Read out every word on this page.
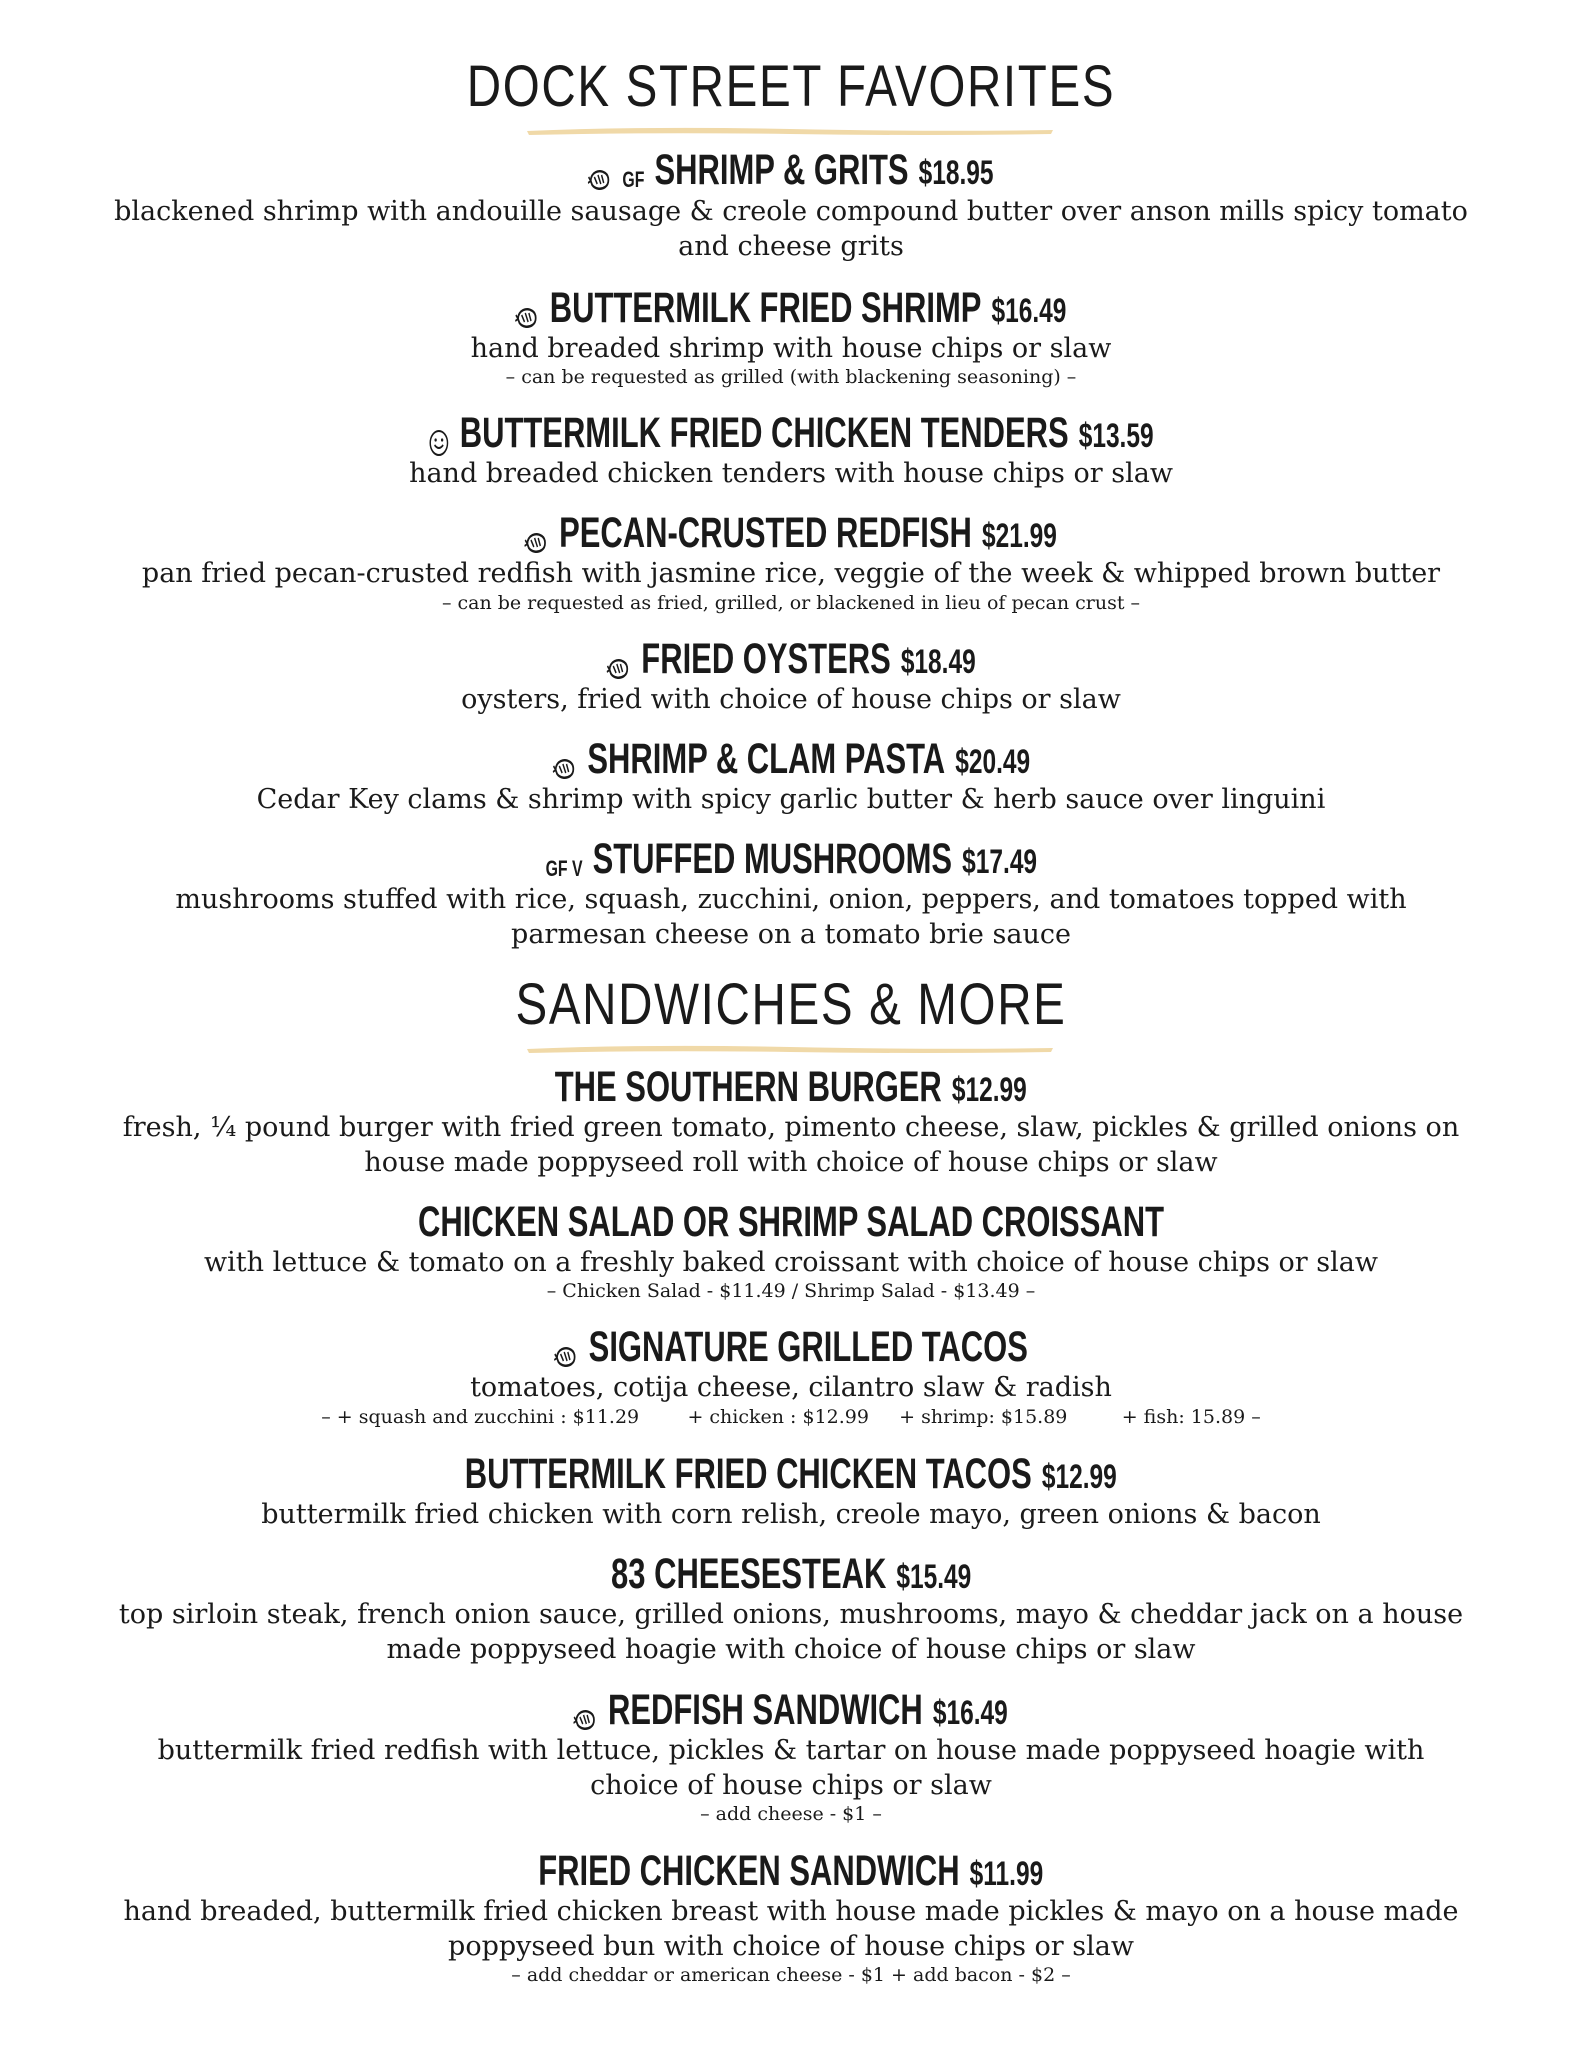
DOCK STREET FAVORITES
GF SHRIMP & GRITS $18.95

blackened shrimp with andouille sausage & creole compound butter over anson mills spicy tomato and cheese grits

BUTTERMILK FRIED SHRIMP $16.49

hand breaded shrimp with house chips or slaw

– can be requested as grilled (with blackening seasoning) –

BUTTERMILK FRIED CHICKEN TENDERS $13.59

hand breaded chicken tenders with house chips or slaw

PECAN-CRUSTED REDFISH $21.99

pan fried pecan-crusted redfish with jasmine rice, veggie of the week & whipped brown butter

– can be requested as fried, grilled, or blackened in lieu of pecan crust –

FRIED OYSTERS $18.49

oysters, fried with choice of house chips or slaw

SHRIMP & CLAM PASTA $20.49

Cedar Key clams & shrimp with spicy garlic butter & herb sauce over linguini

GF V STUFFED MUSHROOMS $17.49

mushrooms stuffed with rice, squash, zucchini, onion, peppers, and tomatoes topped with parmesan cheese on a tomato brie sauce

SANDWICHES & MORE
THE SOUTHERN BURGER $12.99

fresh, ¼ pound burger with fried green tomato, pimento cheese, slaw, pickles & grilled onions on house made poppyseed roll with choice of house chips or slaw

CHICKEN SALAD OR SHRIMP SALAD CROISSANT

with lettuce & tomato on a freshly baked croissant with choice of house chips or slaw

– Chicken Salad - $11.49 / Shrimp Salad - $13.49 –

SIGNATURE GRILLED TACOS

tomatoes, cotija cheese, cilantro slaw & radish

– + squash and zucchini : $11.29        + chicken : $12.99     + shrimp: $15.89         + fish: 15.89 –

BUTTERMILK FRIED CHICKEN TACOS $12.99

buttermilk fried chicken with corn relish, creole mayo, green onions & bacon

83 CHEESESTEAK $15.49

top sirloin steak, french onion sauce, grilled onions, mushrooms, mayo & cheddar jack on a house made poppyseed hoagie with choice of house chips or slaw

REDFISH SANDWICH $16.49

buttermilk fried redfish with lettuce, pickles & tartar on house made poppyseed hoagie with choice of house chips or slaw

– add cheese - $1 –

FRIED CHICKEN SANDWICH $11.99

hand breaded, buttermilk fried chicken breast with house made pickles & mayo on a house made poppyseed bun with choice of house chips or slaw

– add cheddar or american cheese - $1 + add bacon - $2 –
